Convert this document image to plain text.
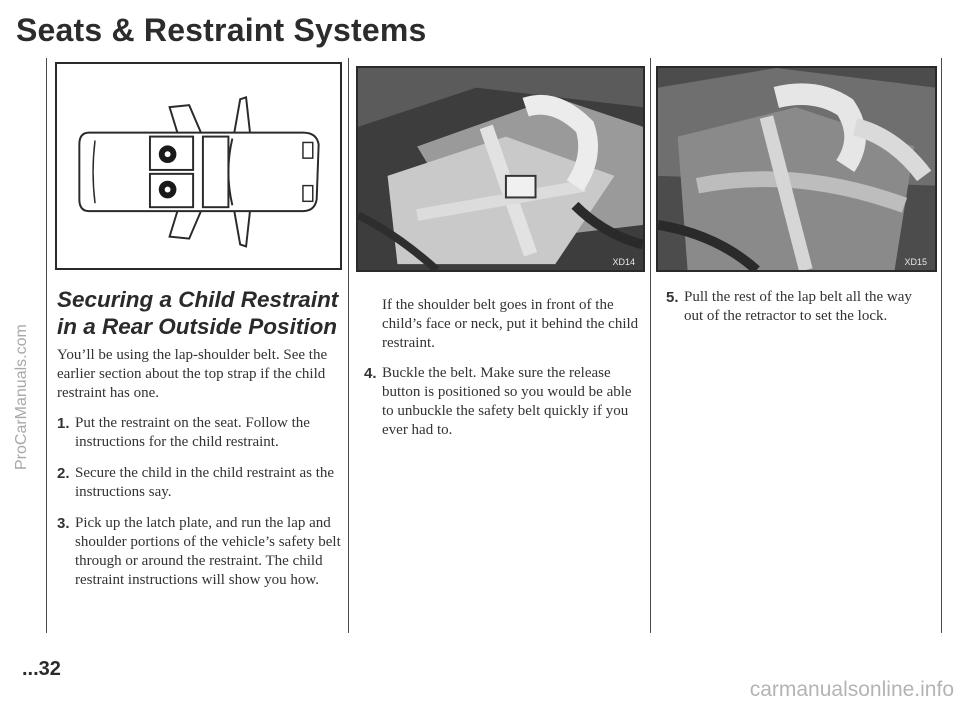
Seats & Restraint Systems
XD14	XD15
Securing a Child Restraint
in a Rear Outside Position

You’ll be using the lap-shoulder belt. See the earlier section about the top strap if the child restraint has one.

1. Put the restraint on the seat. Follow the instructions for the child restraint.
2. Secure the child in the child restraint as the instructions say.
3. Pick up the latch plate, and run the lap and shoulder portions of the vehicle’s safety belt through or around the restraint. The child restraint instructions will show you how.

If the shoulder belt goes in front of the child’s face or neck, put it behind the child restraint.

4. Buckle the belt. Make sure the release button is positioned so you would be able to unbuckle the safety belt quickly if you ever had to.
5. Pull the rest of the lap belt all the way out of the retractor to set the lock.
...32
ProCarManuals.com
carmanualsonline.info
